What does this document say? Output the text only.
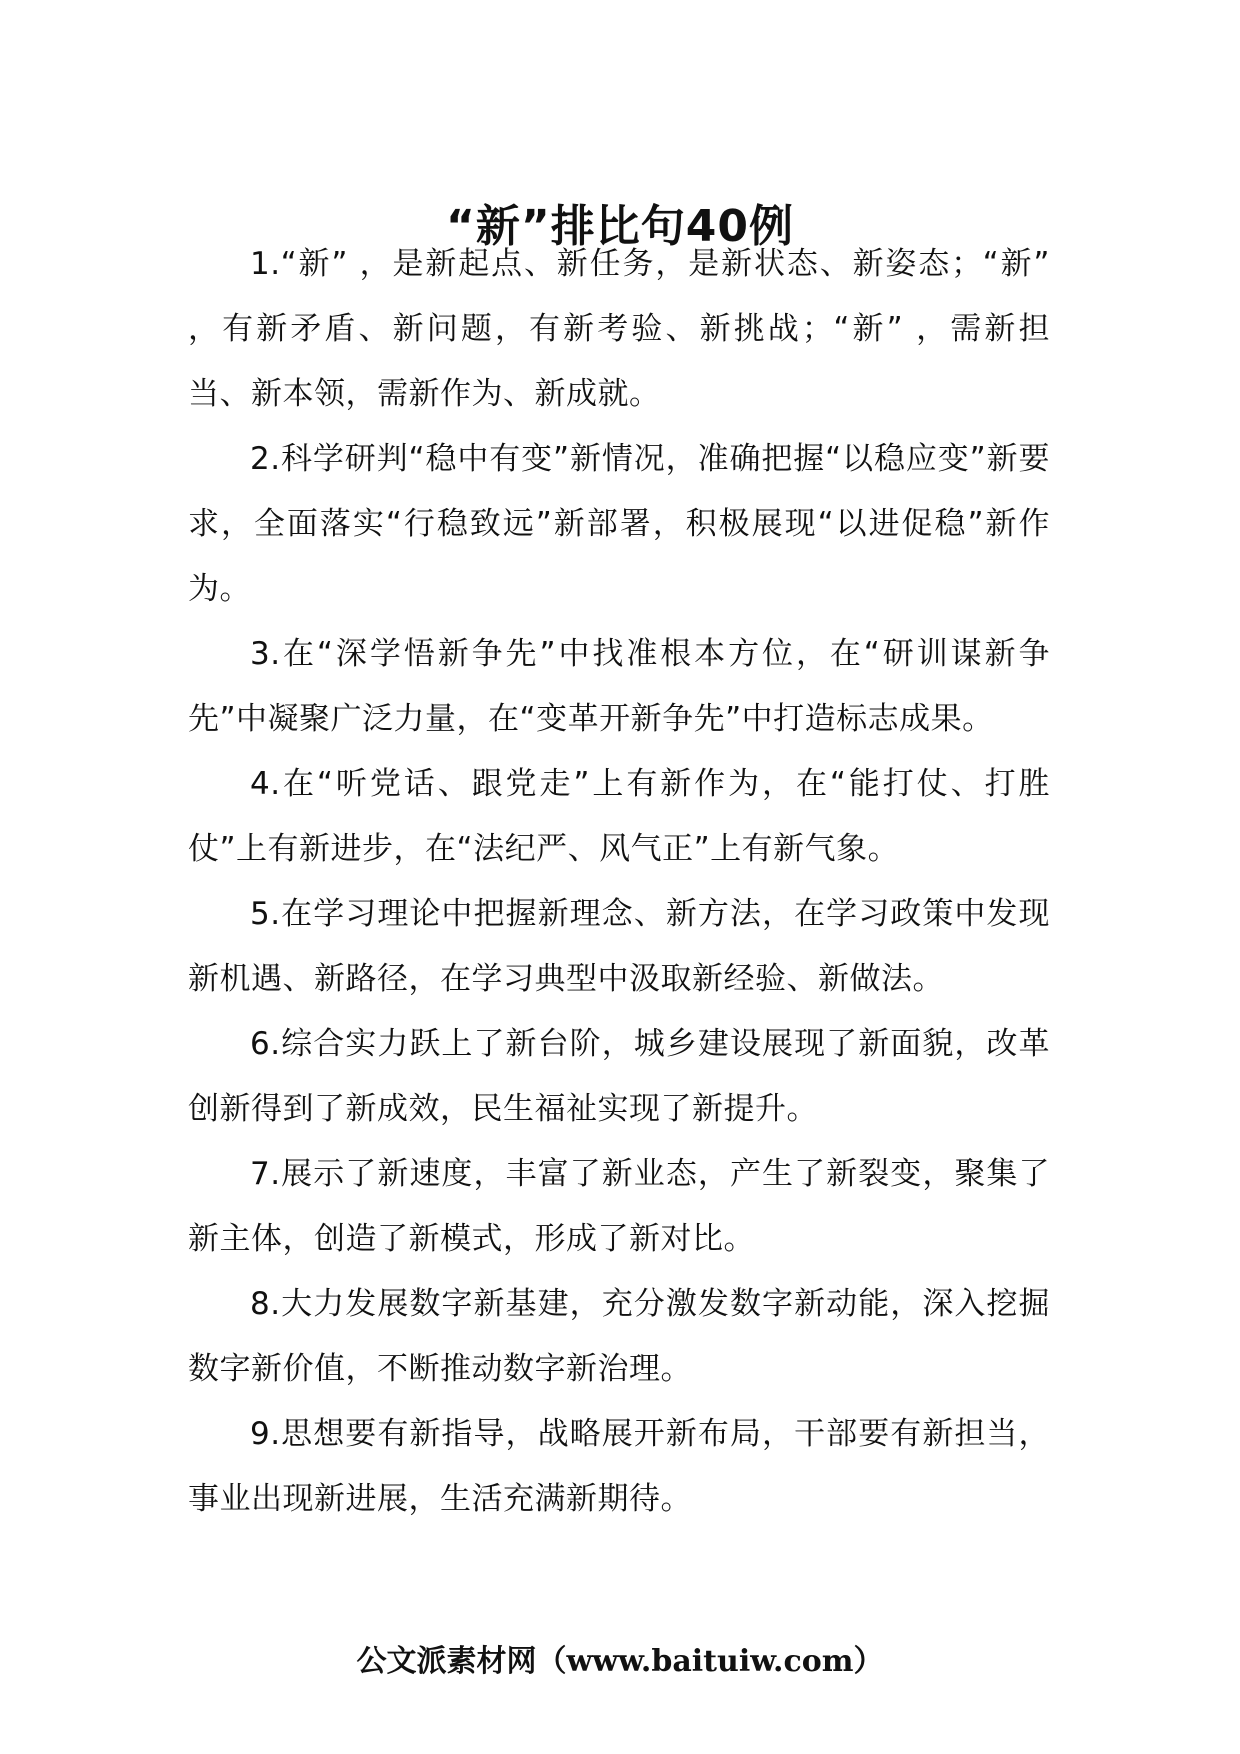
“新”排比句40例

1.“新” ，是新起点、新任务，是新状态、新姿态；“新” ，有新矛盾、新问题，有新考验、新挑战；“新” ，需新担当、新本领，需新作为、新成就。

2.科学研判“稳中有变”新情况，准确把握“以稳应变”新要求，全面落实“行稳致远”新部署，积极展现“以进促稳”新作为。

3.在“深学悟新争先”中找准根本方位，在“研训谋新争先”中凝聚广泛力量，在“变革开新争先”中打造标志成果。

4.在“听党话、跟党走”上有新作为，在“能打仗、打胜仗”上有新进步，在“法纪严、风气正”上有新气象。

5.在学习理论中把握新理念、新方法，在学习政策中发现新机遇、新路径，在学习典型中汲取新经验、新做法。

6.综合实力跃上了新台阶，城乡建设展现了新面貌，改革创新得到了新成效，民生福祉实现了新提升。

7.展示了新速度，丰富了新业态，产生了新裂变，聚集了新主体，创造了新模式，形成了新对比。

8.大力发展数字新基建，充分激发数字新动能，深入挖掘数字新价值，不断推动数字新治理。

9.思想要有新指导，战略展开新布局，干部要有新担当，事业出现新进展，生活充满新期待。

公文派素材网（www.baituiw.com）
